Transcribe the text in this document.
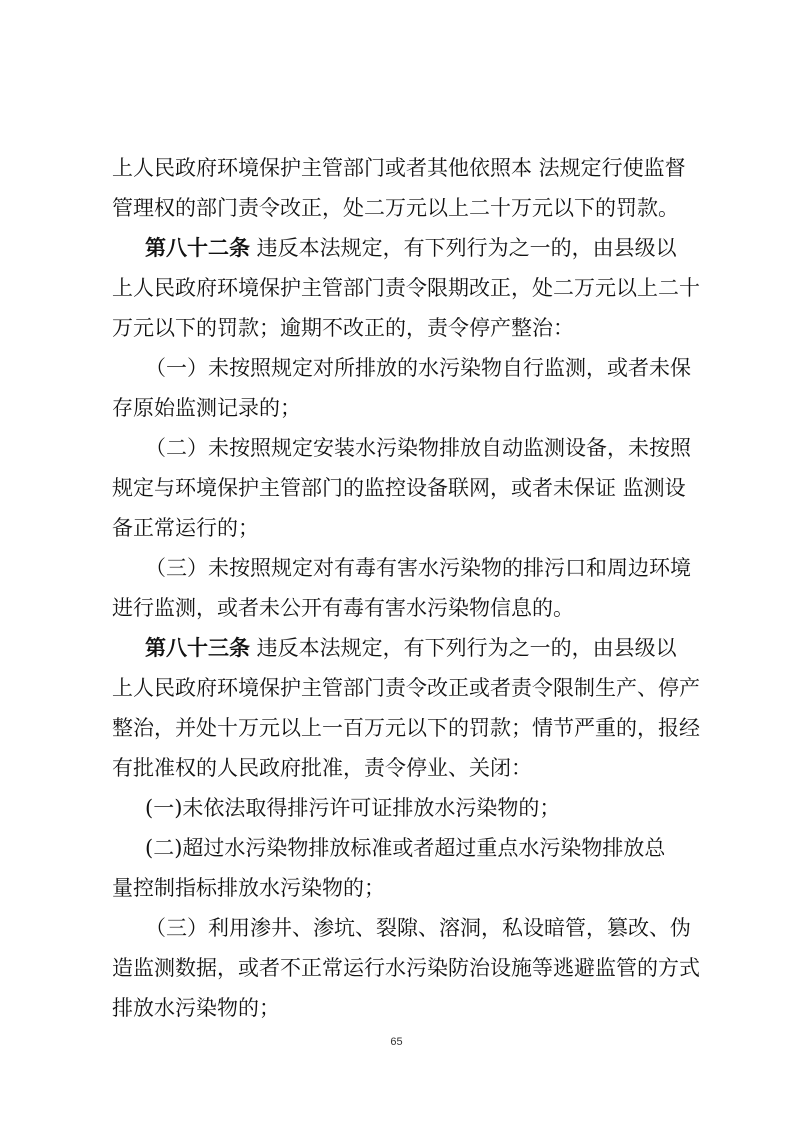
上人民政府环境保护主管部门或者其他依照本 法规定行使监督
管理权的部门责令改正，处二万元以上二十万元以下的罚款。
第八十二条 违反本法规定，有下列行为之一的，由县级以
上人民政府环境保护主管部门责令限期改正，处二万元以上二十
万元以下的罚款；逾期不改正的，责令停产整治：
（一）未按照规定对所排放的水污染物自行监测，或者未保
存原始监测记录的；
（二）未按照规定安装水污染物排放自动监测设备，未按照
规定与环境保护主管部门的监控设备联网，或者未保证 监测设
备正常运行的；
（三）未按照规定对有毒有害水污染物的排污口和周边环境
进行监测，或者未公开有毒有害水污染物信息的。
第八十三条 违反本法规定，有下列行为之一的，由县级以
上人民政府环境保护主管部门责令改正或者责令限制生产、停产
整治，并处十万元以上一百万元以下的罚款；情节严重的，报经
有批准权的人民政府批准，责令停业、关闭：
(一)未依法取得排污许可证排放水污染物的；
(二)超过水污染物排放标准或者超过重点水污染物排放总
量控制指标排放水污染物的；
（三）利用渗井、渗坑、裂隙、溶洞，私设暗管，篡改、伪
造监测数据，或者不正常运行水污染防治设施等逃避监管的方式
排放水污染物的；
65
